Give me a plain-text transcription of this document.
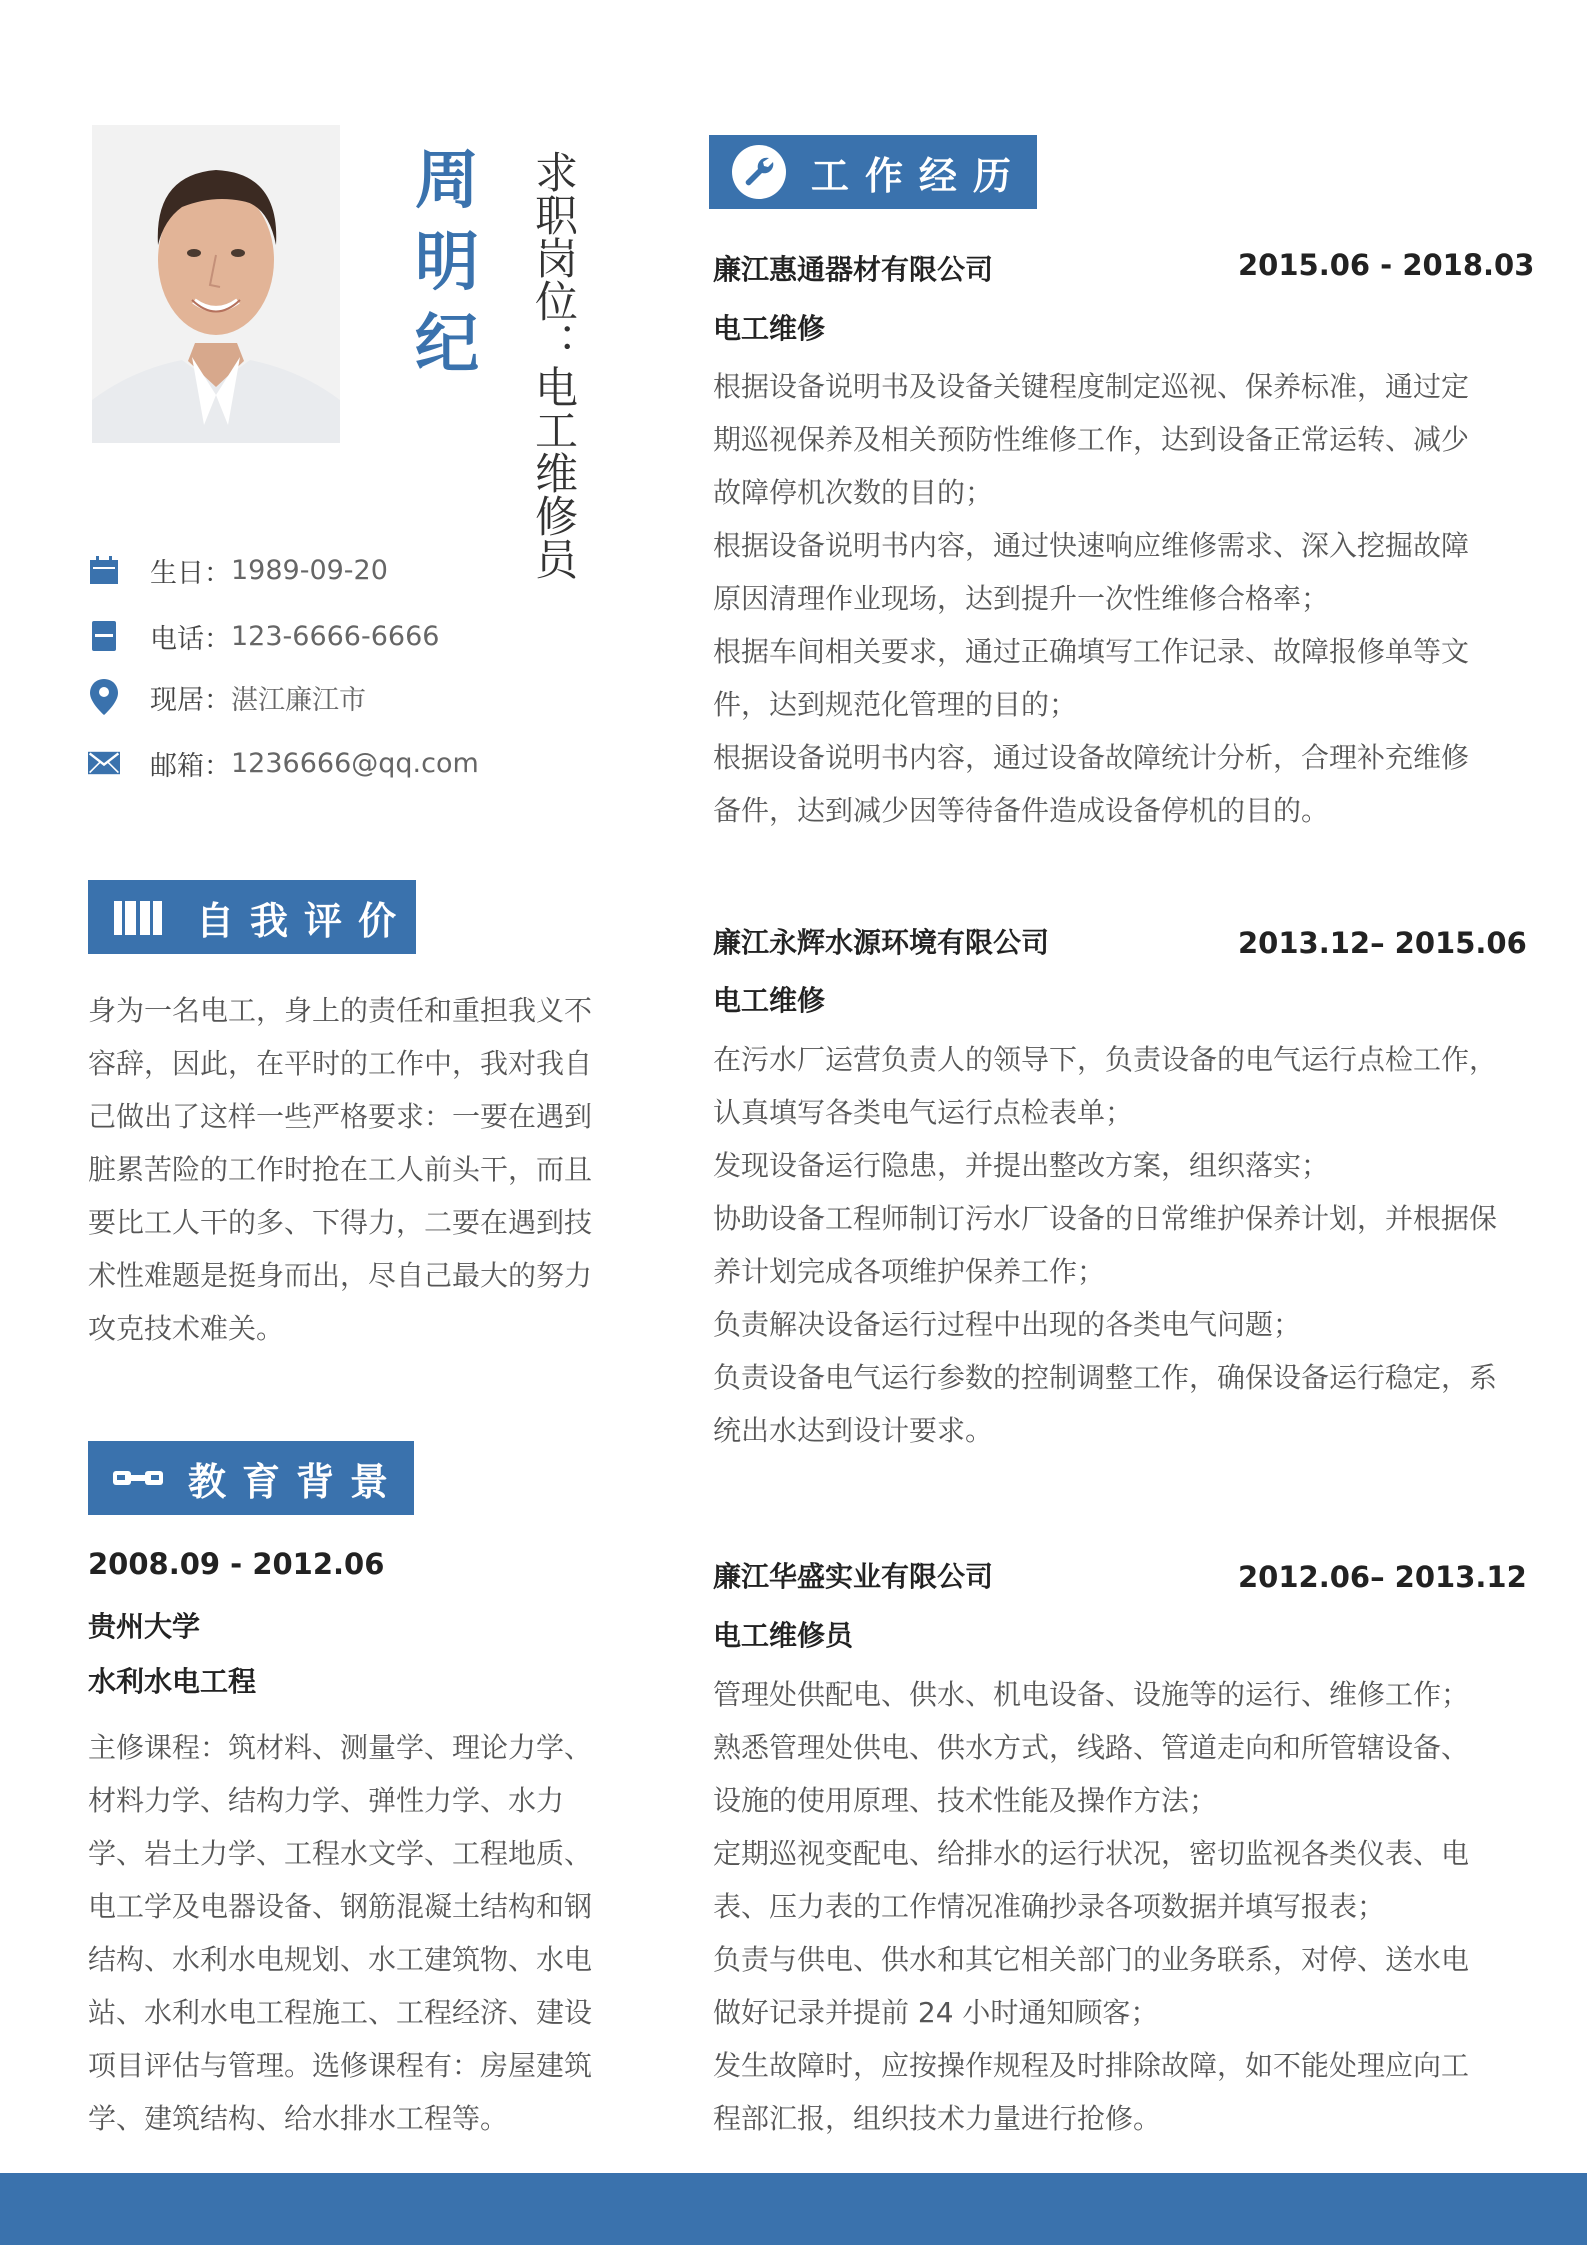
周明纪 求职岗位：电工维修员
生日： 1989-09-20
电话： 123-6666-6666
现居： 湛江廉江市
邮箱： 1236666@qq.com
自我评价
身为一名电工，身上的责任和重担我义不容辞，因此，在平时的工作中，我对我自己做出了这样一些严格要求：一要在遇到脏累苦险的工作时抢在工人前头干，而且要比工人干的多、下得力，二要在遇到技术性难题是挺身而出，尽自己最大的努力攻克技术难关。
教育背景
2008.09 - 2012.06
贵州大学
水利水电工程
主修课程：筑材料、测量学、理论力学、材料力学、结构力学、弹性力学、水力学、岩土力学、工程水文学、工程地质、电工学及电器设备、钢筋混凝土结构和钢结构、水利水电规划、水工建筑物、水电站、水利水电工程施工、工程经济、建设项目评估与管理。选修课程有：房屋建筑学、建筑结构、给水排水工程等。
工作经历
廉江惠通器材有限公司	2015.06 - 2018.03
电工维修
根据设备说明书及设备关键程度制定巡视、保养标准，通过定
期巡视保养及相关预防性维修工作，达到设备正常运转、减少
故障停机次数的目的；
根据设备说明书内容，通过快速响应维修需求、深入挖掘故障
原因清理作业现场，达到提升一次性维修合格率；
根据车间相关要求，通过正确填写工作记录、故障报修单等文
件，达到规范化管理的目的；
根据设备说明书内容，通过设备故障统计分析，合理补充维修
备件，达到减少因等待备件造成设备停机的目的。
廉江永辉水源环境有限公司	2013.12– 2015.06
电工维修
在污水厂运营负责人的领导下，负责设备的电气运行点检工作，
认真填写各类电气运行点检表单；
发现设备运行隐患，并提出整改方案，组织落实；
协助设备工程师制订污水厂设备的日常维护保养计划，并根据保
养计划完成各项维护保养工作；
负责解决设备运行过程中出现的各类电气问题；
负责设备电气运行参数的控制调整工作，确保设备运行稳定，系
统出水达到设计要求。
廉江华盛实业有限公司	2012.06– 2013.12
电工维修员
管理处供配电、供水、机电设备、设施等的运行、维修工作；
熟悉管理处供电、供水方式，线路、管道走向和所管辖设备、
设施的使用原理、技术性能及操作方法；
定期巡视变配电、给排水的运行状况，密切监视各类仪表、电
表、压力表的工作情况准确抄录各项数据并填写报表；
负责与供电、供水和其它相关部门的业务联系，对停、送水电
做好记录并提前 24 小时通知顾客；
发生故障时，应按操作规程及时排除故障，如不能处理应向工
程部汇报，组织技术力量进行抢修。
